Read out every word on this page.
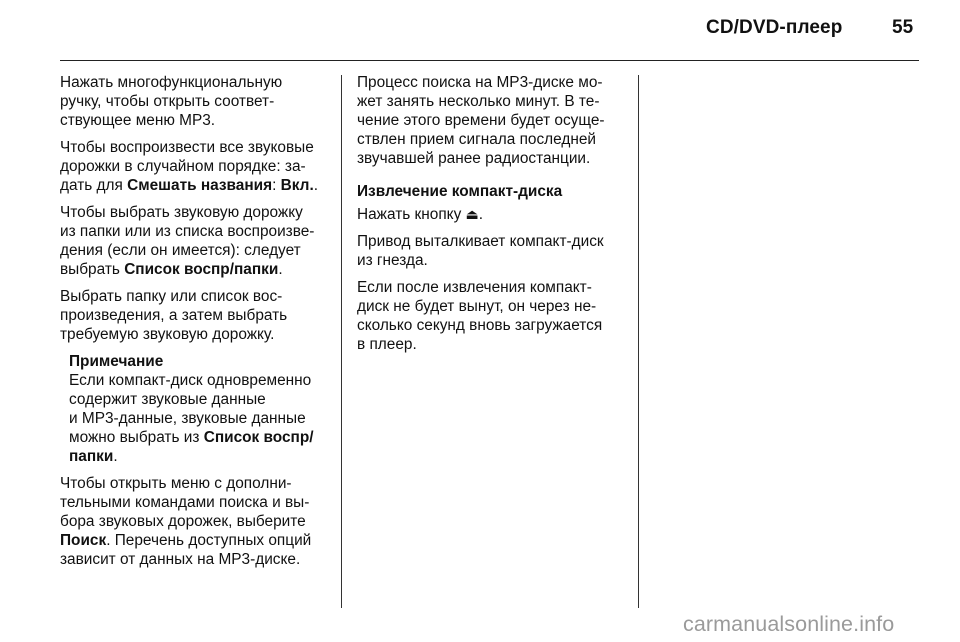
CD/DVD-плеер	55

Нажать многофункциональную
ручку, чтобы открыть соответ-
ствующее меню MP3.

Чтобы воспроизвести все звуковые
дорожки в случайном порядке: за-
дать для Смешать названия: Вкл..

Чтобы выбрать звуковую дорожку
из папки или из списка воспроизве-
дения (если он имеется): следует
выбрать Список воспр/папки.

Выбрать папку или список вос-
произведения, а затем выбрать
требуемую звуковую дорожку.

Примечание
Если компакт-диск одновременно
содержит звуковые данные
и MP3-данные, звуковые данные
можно выбрать из Список воспр/
папки.

Чтобы открыть меню с дополни-
тельными командами поиска и вы-
бора звуковых дорожек, выберите
Поиск. Перечень доступных опций
зависит от данных на MP3-диске.

Процесс поиска на MP3-диске мо-
жет занять несколько минут. В те-
чение этого времени будет осуще-
ствлен прием сигнала последней
звучавшей ранее радиостанции.

Извлечение компакт-диска

Нажать кнопку ⏏.

Привод выталкивает компакт-диск
из гнезда.

Если после извлечения компакт-
диск не будет вынут, он через не-
сколько секунд вновь загружается
в плеер.

carmanualsonline.info
